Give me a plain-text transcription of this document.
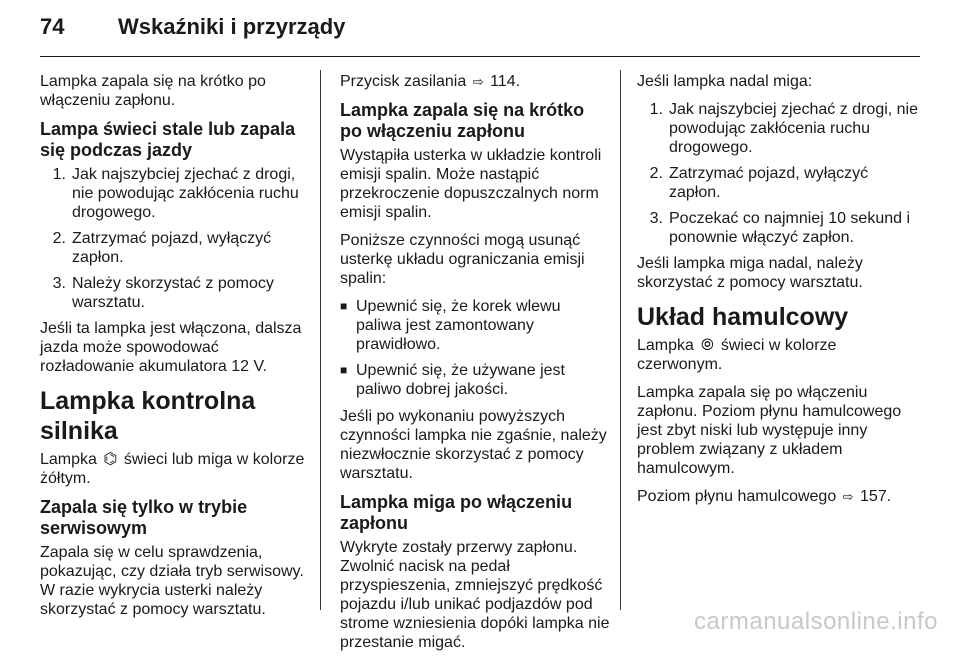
74	Wskaźniki i przyrządy

Lampka zapala się na krótko po włączeniu zapłonu.

Lampa świeci stale lub zapala się podczas jazdy
1. Jak najszybciej zjechać z drogi, nie powodując zakłócenia ruchu drogowego.
2. Zatrzymać pojazd, wyłączyć zapłon.
3. Należy skorzystać z pomocy warsztatu.

Jeśli ta lampka jest włączona, dalsza jazda może spowodować rozładowanie akumulatora 12 V.

Lampka kontrolna silnika

Lampka ⌬ świeci lub miga w kolorze żółtym.

Zapala się tylko w trybie serwisowym

Zapala się w celu sprawdzenia, pokazując, czy działa tryb serwisowy. W razie wykrycia usterki należy skorzystać z pomocy warsztatu.

Przycisk zasilania ⇨ 114.

Lampka zapala się na krótko po włączeniu zapłonu

Wystąpiła usterka w układzie kontroli emisji spalin. Może nastąpić przekroczenie dopuszczalnych norm emisji spalin.

Poniższe czynności mogą usunąć usterkę układu ograniczania emisji spalin:

■ Upewnić się, że korek wlewu paliwa jest zamontowany prawidłowo.
■ Upewnić się, że używane jest paliwo dobrej jakości.

Jeśli po wykonaniu powyższych czynności lampka nie zgaśnie, należy niezwłocznie skorzystać z pomocy warsztatu.

Lampka miga po włączeniu zapłonu

Wykryte zostały przerwy zapłonu. Zwolnić nacisk na pedał przyspieszenia, zmniejszyć prędkość pojazdu i/lub unikać podjazdów pod strome wzniesienia dopóki lampka nie przestanie migać.

Jeśli lampka nadal miga:

1. Jak najszybciej zjechać z drogi, nie powodując zakłócenia ruchu drogowego.
2. Zatrzymać pojazd, wyłączyć zapłon.
3. Poczekać co najmniej 10 sekund i ponownie włączyć zapłon.

Jeśli lampka miga nadal, należy skorzystać z pomocy warsztatu.

Układ hamulcowy

Lampka ⦾ świeci w kolorze czerwonym.

Lampka zapala się po włączeniu zapłonu. Poziom płynu hamulcowego jest zbyt niski lub występuje inny problem związany z układem hamulcowym.

Poziom płynu hamulcowego ⇨ 157.

carmanualsonline.info
